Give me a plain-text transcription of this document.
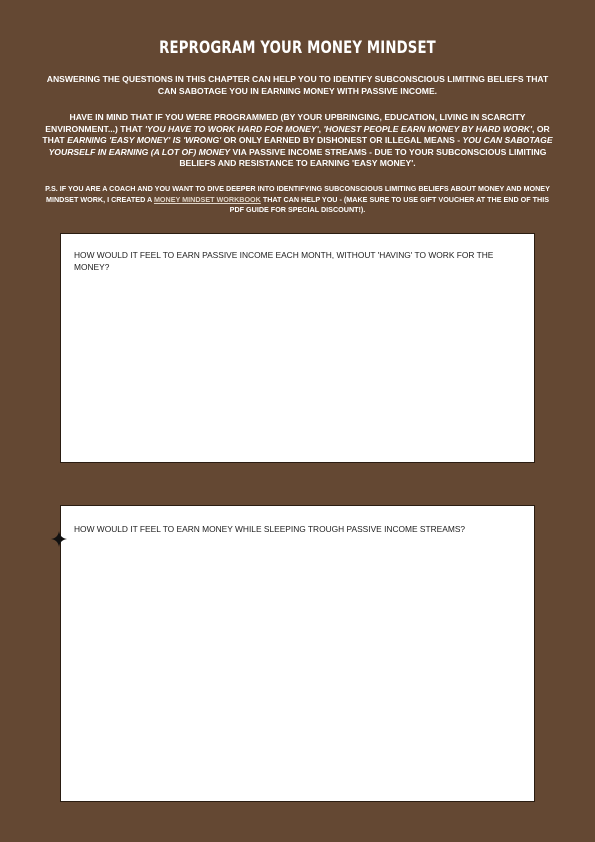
REPROGRAM YOUR MONEY MINDSET

ANSWERING THE QUESTIONS IN THIS CHAPTER CAN HELP YOU TO IDENTIFY SUBCONSCIOUS LIMITING BELIEFS THAT CAN SABOTAGE YOU IN EARNING MONEY WITH PASSIVE INCOME.

HAVE IN MIND THAT IF YOU WERE PROGRAMMED (BY YOUR UPBRINGING, EDUCATION, LIVING IN SCARCITY ENVIRONMENT...) THAT 'YOU HAVE TO WORK HARD FOR MONEY', 'HONEST PEOPLE EARN MONEY BY HARD WORK', OR THAT EARNING 'EASY MONEY' IS 'WRONG' OR ONLY EARNED BY DISHONEST OR ILLEGAL MEANS - YOU CAN SABOTAGE YOURSELF IN EARNING (A LOT OF) MONEY VIA PASSIVE INCOME STREAMS - DUE TO YOUR SUBCONSCIOUS LIMITING BELIEFS AND RESISTANCE TO EARNING 'EASY MONEY'.

P.S. IF YOU ARE A COACH AND YOU WANT TO DIVE DEEPER INTO IDENTIFYING SUBCONSCIOUS LIMITING BELIEFS ABOUT MONEY AND MONEY MINDSET WORK, I CREATED A MONEY MINDSET WORKBOOK THAT CAN HELP YOU - (MAKE SURE TO USE GIFT VOUCHER AT THE END OF THIS PDF GUIDE FOR SPECIAL DISCOUNT!).

HOW WOULD IT FEEL TO EARN PASSIVE INCOME EACH MONTH, WITHOUT 'HAVING' TO WORK FOR THE MONEY?

HOW WOULD IT FEEL TO EARN MONEY WHILE SLEEPING TROUGH PASSIVE INCOME STREAMS?
